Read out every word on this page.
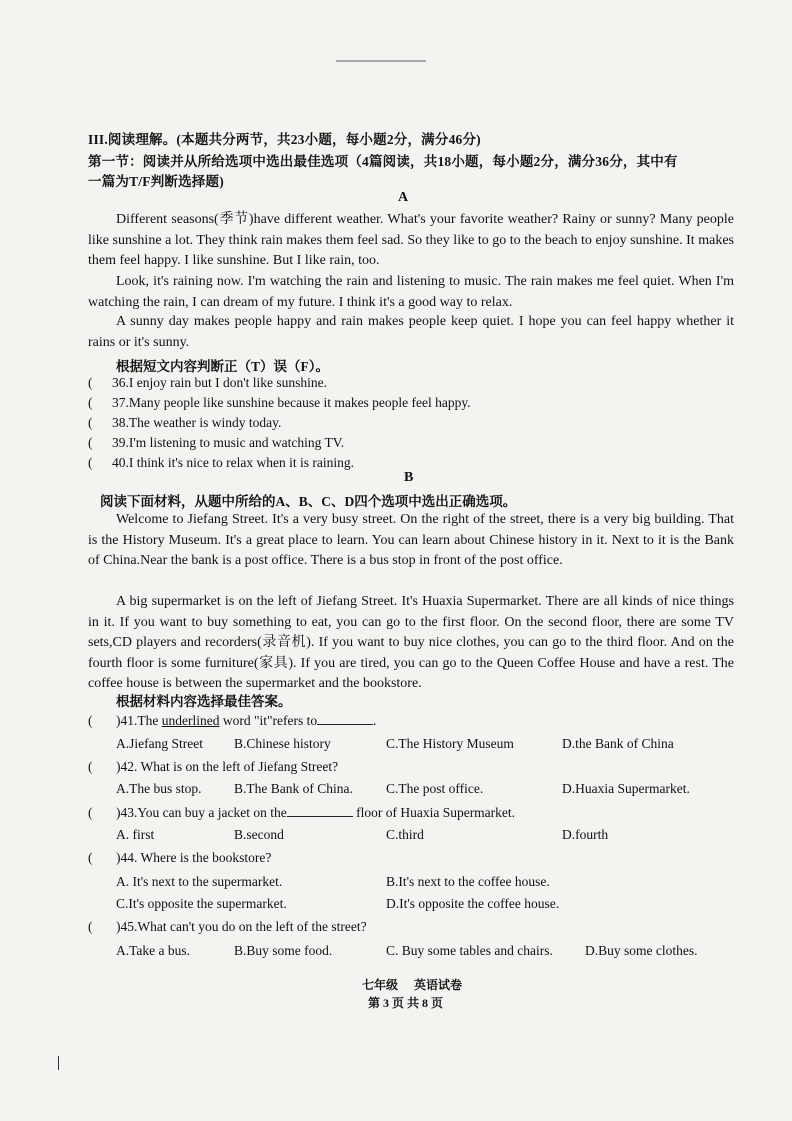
III.阅读理解。(本题共分两节，共23小题，每小题2分，满分46分)
第一节：阅读并从所给选项中选出最佳选项（4篇阅读，共18小题，每小题2分，满分36分，其中有
一篇为T/F判断选择题)
A
Different seasons(季节)have different weather. What's your favorite weather? Rainy or sunny? Many people like sunshine a lot. They think rain makes them feel sad. So they like to go to the beach to enjoy sunshine. It makes them feel happy. I like sunshine. But I like rain, too.
Look, it's raining now. I'm watching the rain and listening to music. The rain makes me feel quiet. When I'm watching the rain, I can dream of my future. I think it's a good way to relax.
A sunny day makes people happy and rain makes people keep quiet. I hope you can feel happy whether it rains or it's sunny.
根据短文内容判断正（T）误（F）。
( 36.I enjoy rain but I don't like sunshine.
( 37.Many people like sunshine because it makes people feel happy.
( 38.The weather is windy today.
( 39.I'm listening to music and watching TV.
( 40.I think it's nice to relax when it is raining.
B
阅读下面材料，从题中所给的A、B、C、D四个选项中选出正确选项。
Welcome to Jiefang Street. It's a very busy street. On the right of the street, there is a very big building. That is the History Museum. It's a great place to learn. You can learn about Chinese history in it. Next to it is the Bank of China.Near the bank is a post office. There is a bus stop in front of the post office.
A big supermarket is on the left of Jiefang Street. It's Huaxia Supermarket. There are all kinds of nice things in it. If you want to buy something to eat, you can go to the first floor. On the second floor, there are some TV sets,CD players and recorders(录音机). If you want to buy nice clothes, you can go to the third floor. And on the fourth floor is some furniture(家具). If you are tired, you can go to the Queen Coffee House and have a rest. The coffee house is between the supermarket and the bookstore.
根据材料内容选择最佳答案。
( )41.The underlined word "it"refers to	.
A.Jiefang Street B.Chinese history	C.The History Museum	D.the Bank of China
( )42. What is on the left of Jiefang Street?
A.The bus stop. B.The Bank of China. C.The post office.	D.Huaxia Supermarket.
( )43.You can buy a jacket on the	floor of Huaxia Supermarket.
A. first	B.second	C.third	D.fourth
( )44. Where is the bookstore?
A. It's next to the supermarket.	B.It's next to the coffee house.
C.It's opposite the supermarket.	D.It's opposite the coffee house.
( )45.What can't you do on the left of the street?
A.Take a bus.	B.Buy some food.	C. Buy some tables and chairs. D.Buy some clothes.
七年级 英语试卷
第 3 页 共 8 页
